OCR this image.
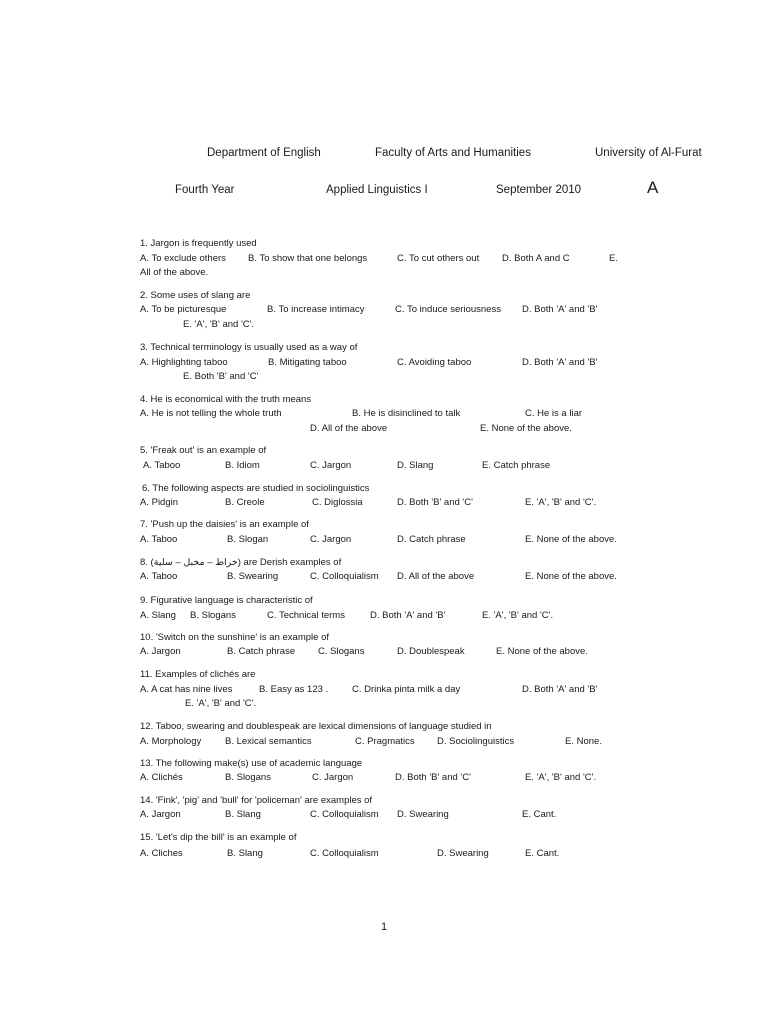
Department of English	Faculty of Arts and Humanities	University of Al-Furat
Fourth Year	Applied Linguistics I	September 2010	A
1. Jargon is frequently used
A. To exclude others B. To show that one belongs	C. To cut others out D. Both A and C	E.
All of the above.
2. Some uses of slang are
A. To be picturesque	B. To increase intimacy	C. To induce seriousness D. Both 'A' and 'B'
E. 'A', 'B' and 'C'.
3. Technical terminology is usually used as a way of
A. Highlighting taboo	B. Mitigating taboo	C. Avoiding taboo	D. Both 'A' and 'B'
E. Both 'B' and 'C'
4. He is economical with the truth means
A. He is not telling the whole truth	B. He is disinclined to talk	C. He is a liar
D. All of the above	E. None of the above.
5. 'Freak out' is an example of
A. Taboo	B. Idiom	C. Jargon	D. Slang	E. Catch phrase
6. The following aspects are studied in sociolinguistics
A. Pidgin	B. Creole	C. Diglossia	D. Both 'B' and 'C'	E. 'A', 'B' and 'C'.
7. 'Push up the daisies' is an example of
A. Taboo	B. Slogan	C. Jargon	D. Catch phrase	E. None of the above.
8. (خراط – مخبل – سلية) are Derish examples of
A. Taboo	B. Swearing	C. Colloquialism D. All of the above	E. None of the above.
9. Figurative language is characteristic of
A. Slang B. Slogans	C. Technical terms	D. Both 'A' and 'B'	E. 'A', 'B' and 'C'.
10. 'Switch on the sunshine' is an example of
A. Jargon	B. Catch phrase C. Slogans	D. Doublespeak	E. None of the above.
11. Examples of clichés are
A. A cat has nine lives	B. Easy as 123 .	C. Drinka pinta milk a day	D. Both 'A' and 'B'
E. 'A', 'B' and 'C'.
12. Taboo, swearing and doublespeak are lexical dimensions of language studied in
A. Morphology B. Lexical semantics	C. Pragmatics D. Sociolinguistics	E. None.
13. The following make(s) use of academic language
A. Clichés	B. Slogans	C. Jargon	D. Both 'B' and 'C'	E. 'A', 'B' and 'C'.
14. 'Fink', 'pig' and 'bull' for 'policeman' are examples of
A. Jargon	B. Slang	C. Colloquialism D. Swearing	E. Cant.
15. 'Let's dip the bill' is an example of
A. Cliches	B. Slang	C. Colloquialism	D. Swearing	E. Cant.
1
